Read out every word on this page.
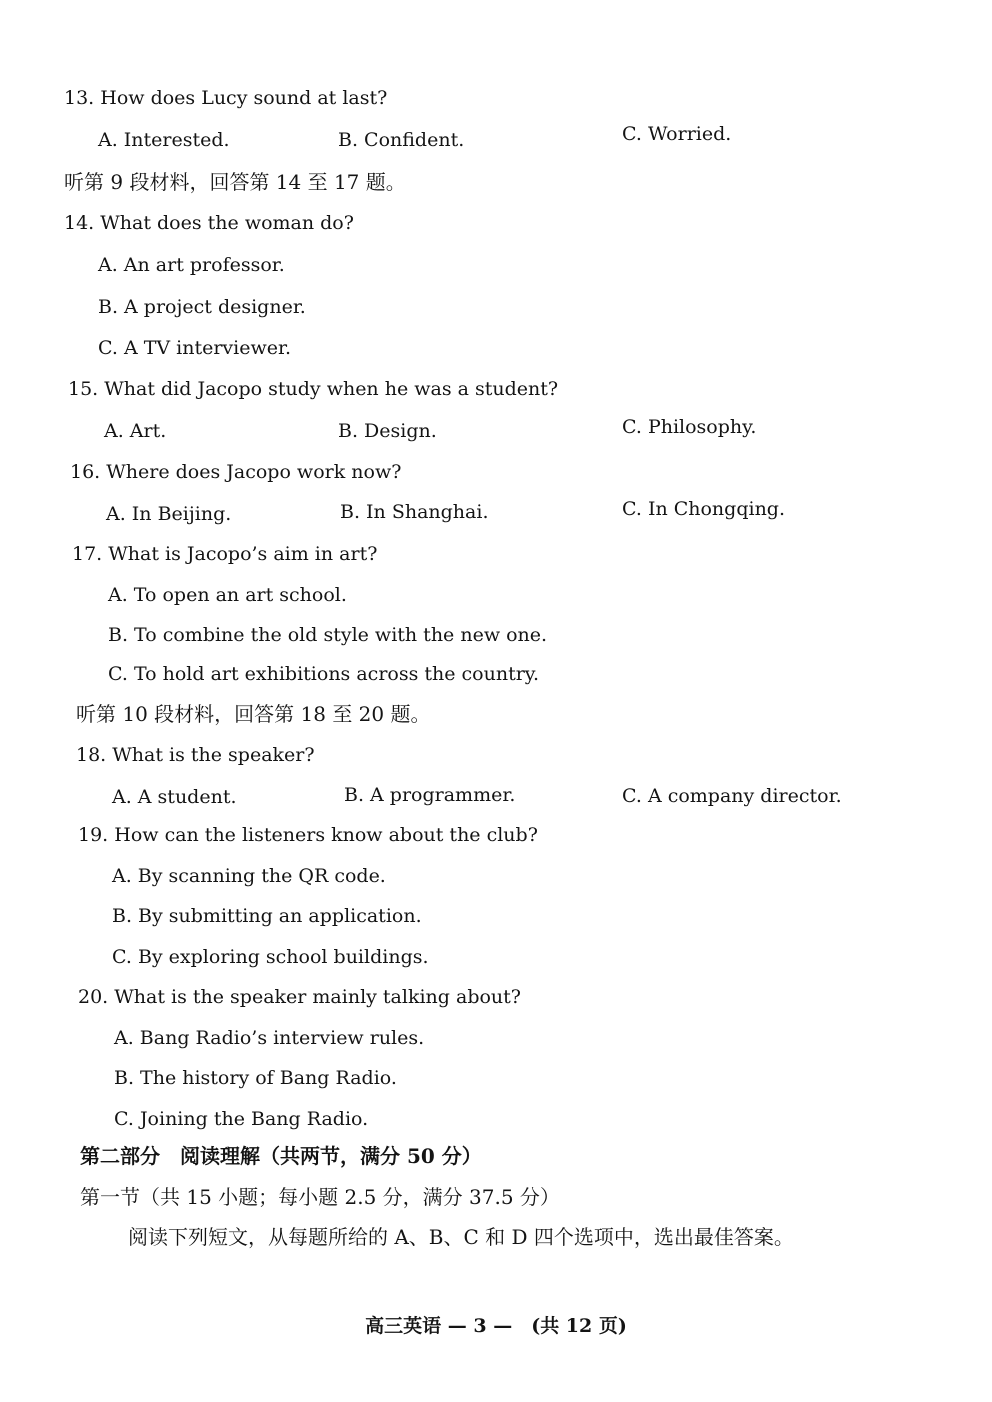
13. How does Lucy sound at last?
A. Interested.	B. Confident.	C. Worried.
听第 9 段材料，回答第 14 至 17 题。
14. What does the woman do?
A. An art professor.
B. A project designer.
C. A TV interviewer.
15. What did Jacopo study when he was a student?
A. Art.	B. Design.	C. Philosophy.
16. Where does Jacopo work now?
A. In Beijing.	B. In Shanghai.	C. In Chongqing.
17. What is Jacopo’s aim in art?
A. To open an art school.
B. To combine the old style with the new one.
C. To hold art exhibitions across the country.
听第 10 段材料，回答第 18 至 20 题。
18. What is the speaker?
A. A student.	B. A programmer.	C. A company director.
19. How can the listeners know about the club?
A. By scanning the QR code.
B. By submitting an application.
C. By exploring school buildings.
20. What is the speaker mainly talking about?
A. Bang Radio’s interview rules.
B. The history of Bang Radio.
C. Joining the Bang Radio.
第二部分　阅读理解（共两节，满分 50 分）
第一节（共 15 小题；每小题 2.5 分，满分 37.5 分）
阅读下列短文，从每题所给的 A、B、C 和 D 四个选项中，选出最佳答案。
高三英语 — 3 —　(共 12 页)
